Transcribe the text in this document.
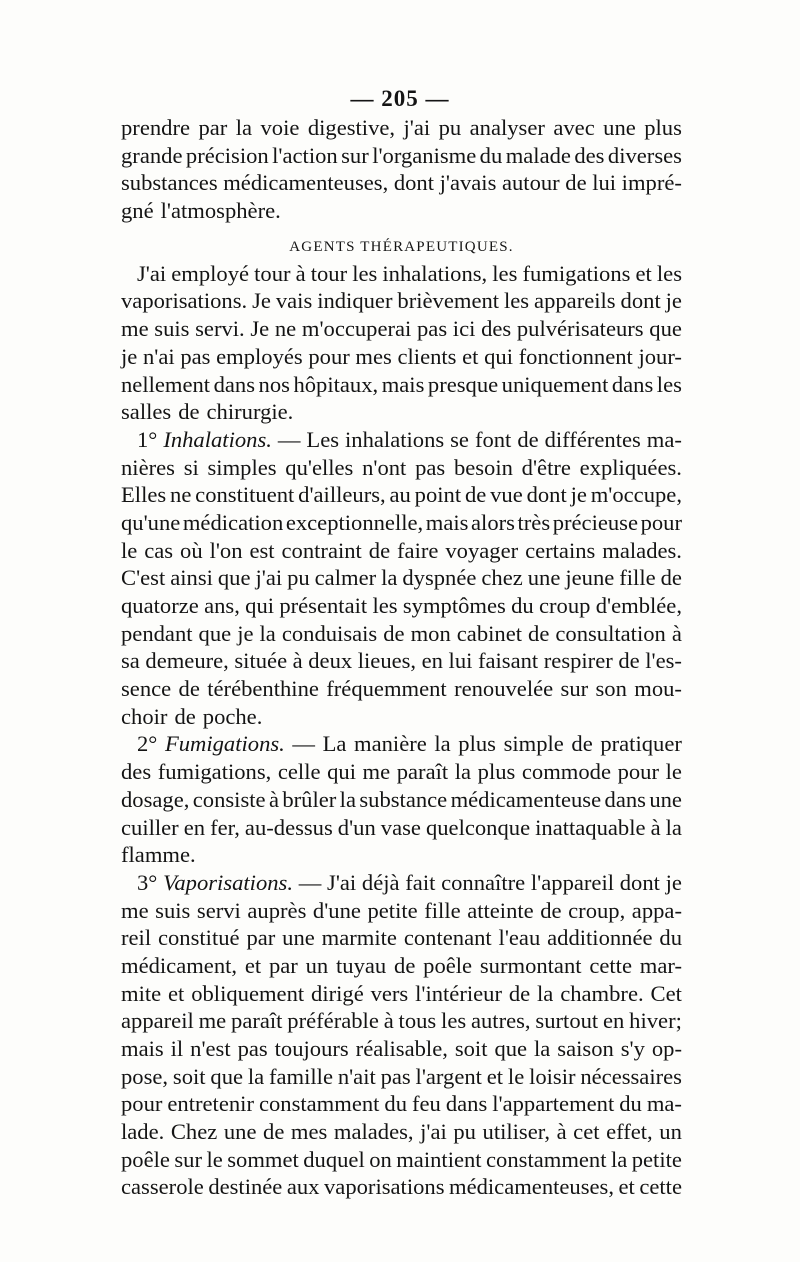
— 205 —
prendre par la voie digestive, j'ai pu analyser avec une plus
grande précision l'action sur l'organisme du malade des diverses
substances médicamenteuses, dont j'avais autour de lui impré-
gné l'atmosphère.
AGENTS THÉRAPEUTIQUES.
J'ai employé tour à tour les inhalations, les fumigations et les
vaporisations. Je vais indiquer brièvement les appareils dont je
me suis servi. Je ne m'occuperai pas ici des pulvérisateurs que
je n'ai pas employés pour mes clients et qui fonctionnent jour-
nellement dans nos hôpitaux, mais presque uniquement dans les
salles de chirurgie.
1° Inhalations. — Les inhalations se font de différentes ma-
nières si simples qu'elles n'ont pas besoin d'être expliquées.
Elles ne constituent d'ailleurs, au point de vue dont je m'occupe,
qu'une médication exceptionnelle, mais alors très précieuse pour
le cas où l'on est contraint de faire voyager certains malades.
C'est ainsi que j'ai pu calmer la dyspnée chez une jeune fille de
quatorze ans, qui présentait les symptômes du croup d'emblée,
pendant que je la conduisais de mon cabinet de consultation à
sa demeure, située à deux lieues, en lui faisant respirer de l'es-
sence de térébenthine fréquemment renouvelée sur son mou-
choir de poche.
2° Fumigations. — La manière la plus simple de pratiquer
des fumigations, celle qui me paraît la plus commode pour le
dosage, consiste à brûler la substance médicamenteuse dans une
cuiller en fer, au-dessus d'un vase quelconque inattaquable à la
flamme.
3° Vaporisations. — J'ai déjà fait connaître l'appareil dont je
me suis servi auprès d'une petite fille atteinte de croup, appa-
reil constitué par une marmite contenant l'eau additionnée du
médicament, et par un tuyau de poêle surmontant cette mar-
mite et obliquement dirigé vers l'intérieur de la chambre. Cet
appareil me paraît préférable à tous les autres, surtout en hiver;
mais il n'est pas toujours réalisable, soit que la saison s'y op-
pose, soit que la famille n'ait pas l'argent et le loisir nécessaires
pour entretenir constamment du feu dans l'appartement du ma-
lade. Chez une de mes malades, j'ai pu utiliser, à cet effet, un
poêle sur le sommet duquel on maintient constamment la petite
casserole destinée aux vaporisations médicamenteuses, et cette
